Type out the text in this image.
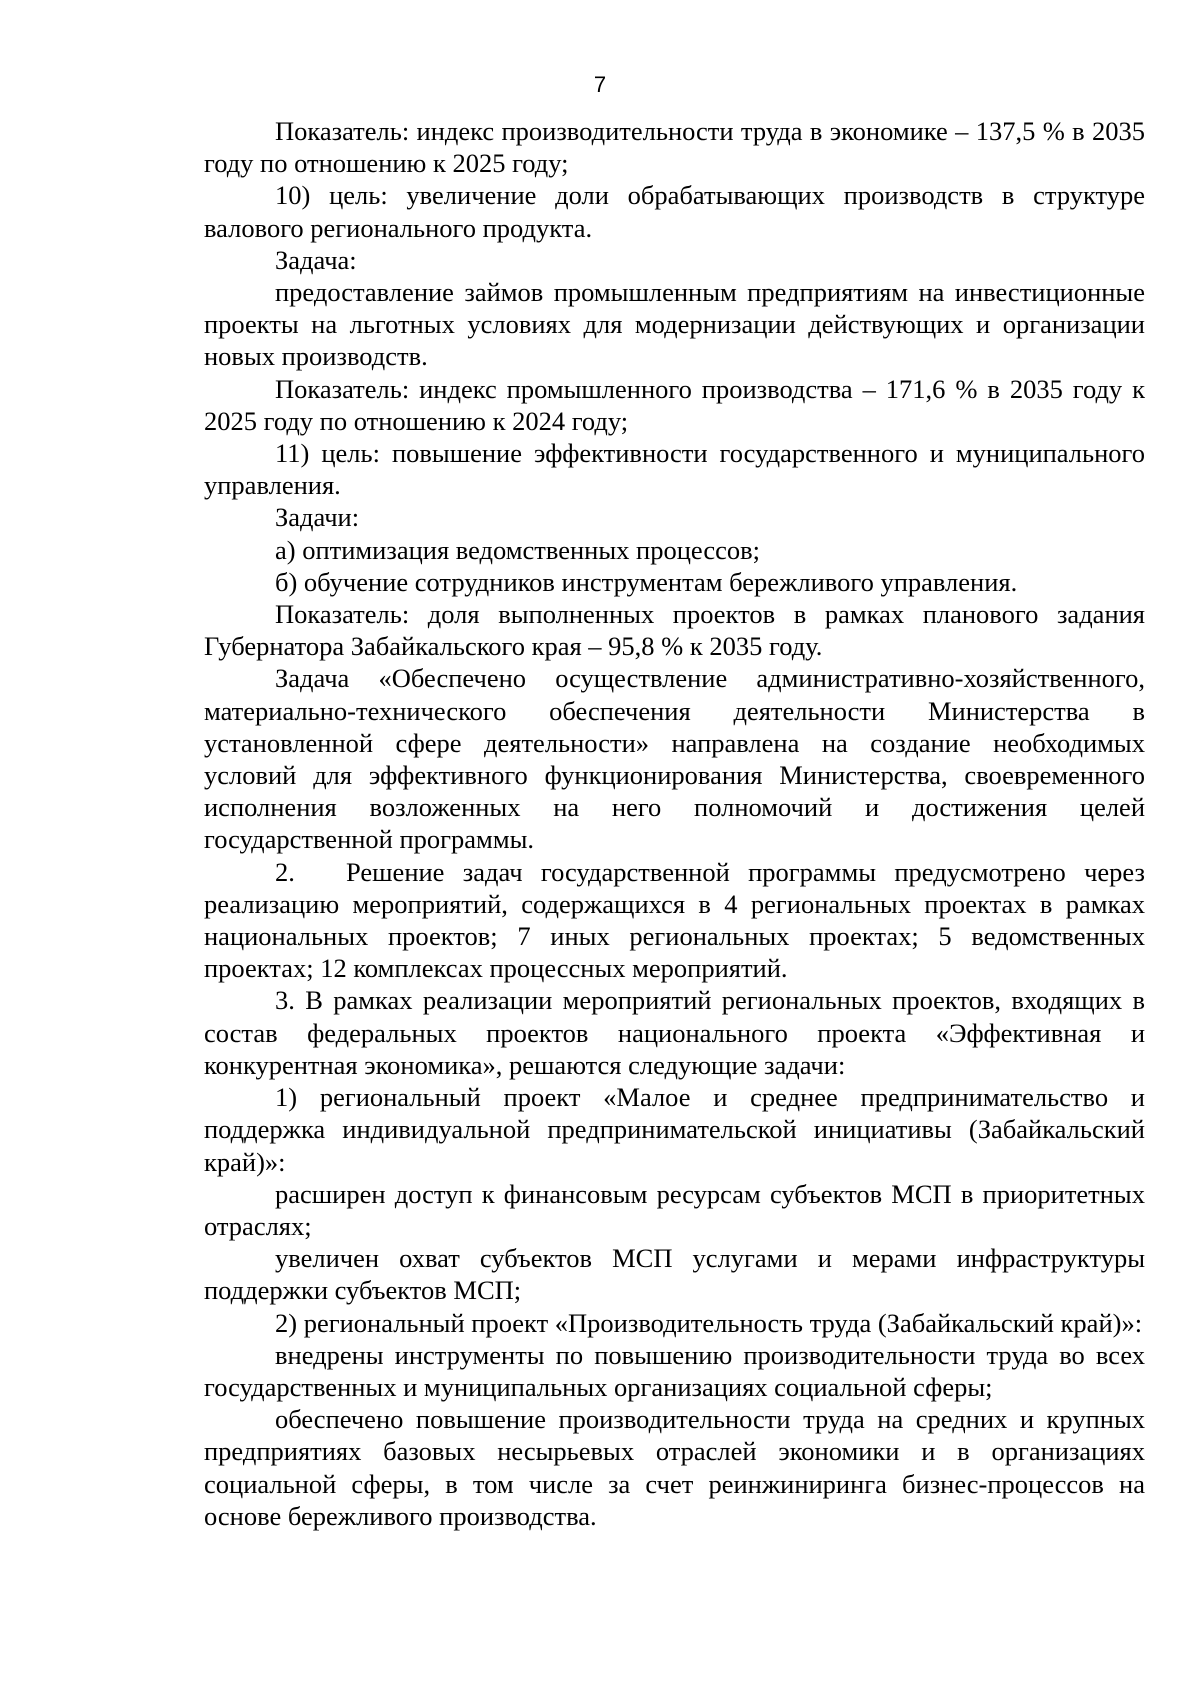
7

Показатель: индекс производительности труда в экономике – 137,5 % в 2035 году по отношению к 2025 году;

10) цель: увеличение доли обрабатывающих производств в структуре валового регионального продукта.

Задача:

предоставление займов промышленным предприятиям на инвестиционные проекты на льготных условиях для модернизации действующих и организации новых производств.

Показатель: индекс промышленного производства – 171,6 % в 2035 году к 2025 году по отношению к 2024 году;

11) цель: повышение эффективности государственного и муниципального управления.

Задачи:

а) оптимизация ведомственных процессов;

б) обучение сотрудников инструментам бережливого управления.

Показатель: доля выполненных проектов в рамках планового задания Губернатора Забайкальского края – 95,8 % к 2035 году.

Задача «Обеспечено осуществление административно-хозяйственного, материально-технического обеспечения деятельности Министерства в установленной сфере деятельности» направлена на создание необходимых условий для эффективного функционирования Министерства, своевременного исполнения возложенных на него полномочий и достижения целей государственной программы.

2. Решение задач государственной программы предусмотрено через реализацию мероприятий, содержащихся в 4 региональных проектах в рамках национальных проектов; 7 иных региональных проектах; 5 ведомственных проектах; 12 комплексах процессных мероприятий.

3. В рамках реализации мероприятий региональных проектов, входящих в состав федеральных проектов национального проекта «Эффективная и конкурентная экономика», решаются следующие задачи:

1) региональный проект «Малое и среднее предпринимательство и поддержка индивидуальной предпринимательской инициативы (Забайкальский край)»:

расширен доступ к финансовым ресурсам субъектов МСП в приоритетных отраслях;

увеличен охват субъектов МСП услугами и мерами инфраструктуры поддержки субъектов МСП;

2) региональный проект «Производительность труда (Забайкальский край)»:

внедрены инструменты по повышению производительности труда во всех государственных и муниципальных организациях социальной сферы;

обеспечено повышение производительности труда на средних и крупных предприятиях базовых несырьевых отраслей экономики и в организациях социальной сферы, в том числе за счет реинжиниринга бизнес-процессов на основе бережливого производства.
